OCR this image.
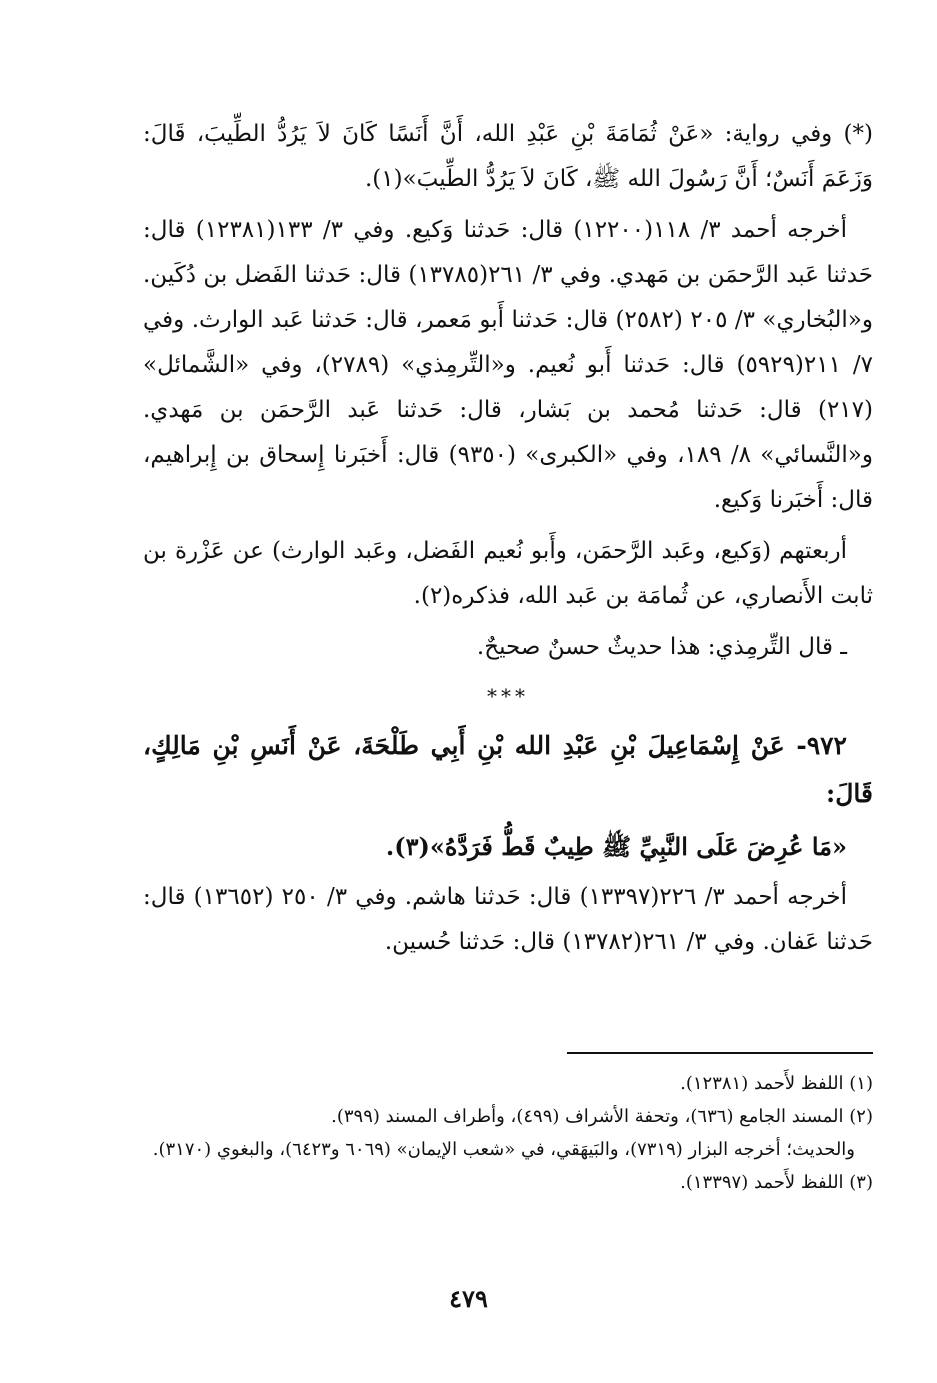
(*) وفي رواية: «عَنْ ثُمَامَةَ بْنِ عَبْدِ الله، أَنَّ أَنَسًا كَانَ لاَ يَرُدُّ الطِّيبَ، قَالَ: وَزَعَمَ أَنَسٌ؛ أَنَّ رَسُولَ الله ﷺ، كَانَ لاَ يَرُدُّ الطِّيبَ»(١).

أخرجه أحمد ٣/ ١١٨(١٢٢٠٠) قال: حَدثنا وَكيع. وفي ٣/ ١٣٣(١٢٣٨١) قال: حَدثنا عَبد الرَّحمَن بن مَهدي. وفي ٣/ ٢٦١(١٣٧٨٥) قال: حَدثنا الفَضل بن دُكَين. و«البُخاري» ٣/ ٢٠٥ (٢٥٨٢) قال: حَدثنا أَبو مَعمر، قال: حَدثنا عَبد الوارث. وفي ٧/ ٢١١(٥٩٢٩) قال: حَدثنا أَبو نُعيم. و«التِّرمِذي» (٢٧٨٩)، وفي «الشَّمائل» (٢١٧) قال: حَدثنا مُحمد بن بَشار، قال: حَدثنا عَبد الرَّحمَن بن مَهدي. و«النَّسائي» ٨/ ١٨٩، وفي «الكبرى» (٩٣٥٠) قال: أَخبَرنا إِسحاق بن إِبراهيم، قال: أَخبَرنا وَكيع.

أربعتهم (وَكيع، وعَبد الرَّحمَن، وأَبو نُعيم الفَضل، وعَبد الوارث) عن عَزْرة بن ثابت الأَنصاري، عن ثُمامَة بن عَبد الله، فذكره(٢).

ـ قال التِّرمِذي: هذا حديثٌ حسنٌ صحيحٌ.

***

٩٧٢- عَنْ إِسْمَاعِيلَ بْنِ عَبْدِ الله بْنِ أَبِي طَلْحَةَ، عَنْ أَنَسِ بْنِ مَالِكٍ، قَالَ:

«مَا عُرِضَ عَلَى النَّبِيِّ ﷺ طِيبٌ قَطُّ فَرَدَّهُ»(٣).

أخرجه أحمد ٣/ ٢٢٦(١٣٣٩٧) قال: حَدثنا هاشم. وفي ٣/ ٢٥٠ (١٣٦٥٢) قال: حَدثنا عَفان. وفي ٣/ ٢٦١(١٣٧٨٢) قال: حَدثنا حُسين.

(١) اللفظ لأَحمد (١٢٣٨١).

(٢) المسند الجامع (٦٣٦)، وتحفة الأشراف (٤٩٩)، وأطراف المسند (٣٩٩).

والحديث؛ أخرجه البزار (٧٣١٩)، والبَيهَقي، في «شعب الإيمان» (٦٠٦٩ و٦٤٢٣)، والبغوي (٣١٧٠).

(٣) اللفظ لأَحمد (١٣٣٩٧).

٤٧٩
